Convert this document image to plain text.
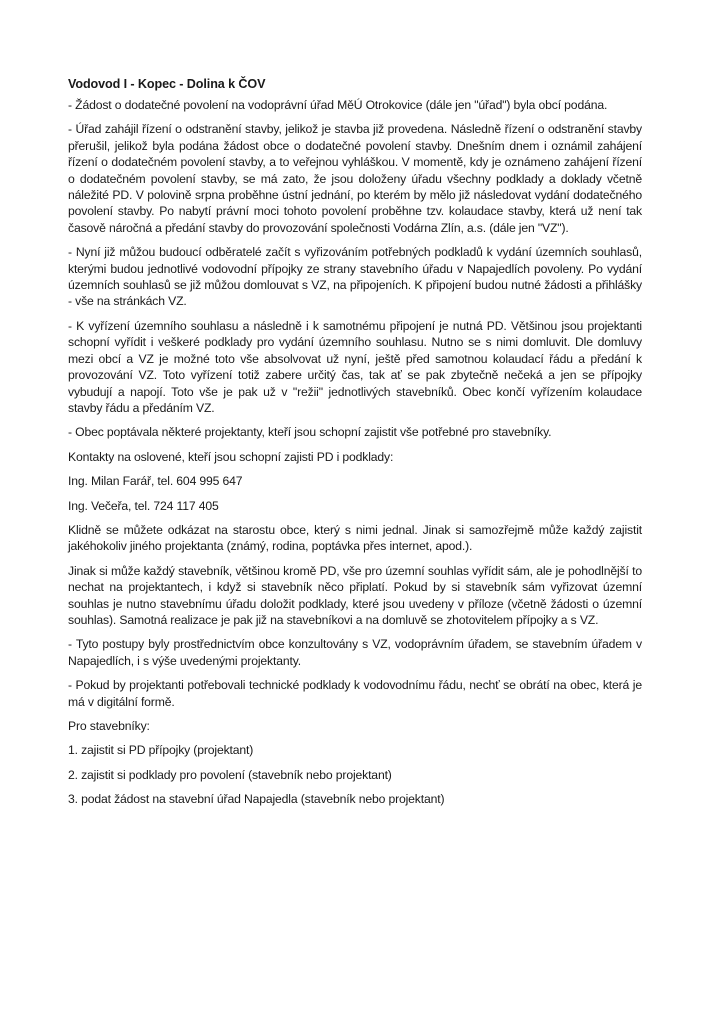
Vodovod I - Kopec - Dolina k ČOV

- Žádost o dodatečné povolení na vodoprávní úřad MěÚ Otrokovice (dále jen "úřad") byla obcí podána.

- Úřad zahájil řízení o odstranění stavby, jelikož je stavba již provedena. Následně řízení o odstranění stavby přerušil, jelikož byla podána žádost obce o dodatečné povolení stavby. Dnešním dnem i oznámil zahájení řízení o dodatečném povolení stavby, a to veřejnou vyhláškou. V momentě, kdy je oznámeno zahájení řízení o dodatečném povolení stavby, se má zato, že jsou doloženy úřadu všechny podklady a doklady včetně náležité PD. V polovině srpna proběhne ústní jednání, po kterém by mělo již následovat vydání dodatečného povolení stavby. Po nabytí právní moci tohoto povolení proběhne tzv. kolaudace stavby, která už není tak časově náročná a předání stavby do provozování společnosti Vodárna Zlín, a.s. (dále jen "VZ").

- Nyní již můžou budoucí odběratelé začít s vyřizováním potřebných podkladů k vydání územních souhlasů, kterými budou jednotlivé vodovodní přípojky ze strany stavebního úřadu v Napajedlích povoleny. Po vydání územních souhlasů se již můžou domlouvat s VZ, na připojeních. K připojení budou nutné žádosti a přihlášky - vše na stránkách VZ.

- K vyřízení územního souhlasu a následně i k samotnému připojení je nutná PD. Většinou jsou projektanti schopní vyřídit i veškeré podklady pro vydání územního souhlasu. Nutno se s nimi domluvit. Dle domluvy mezi obcí a VZ je možné toto vše absolvovat už nyní, ještě před samotnou kolaudací řádu a předání k provozování VZ. Toto vyřízení totiž zabere určitý čas, tak ať se pak zbytečně nečeká a jen se přípojky vybudují a napojí. Toto vše je pak už v "režii" jednotlivých stavebníků. Obec končí vyřízením kolaudace stavby řádu a předáním VZ.

- Obec poptávala některé projektanty, kteří jsou schopní zajistit vše potřebné pro stavebníky.

Kontakty na oslovené, kteří jsou schopní zajisti PD i podklady:

Ing. Milan Farář, tel. 604 995 647

Ing. Večeřa, tel. 724 117 405

Klidně se můžete odkázat na starostu obce, který s nimi jednal. Jinak si samozřejmě může každý zajistit jakéhokoliv jiného projektanta (známý, rodina, poptávka přes internet, apod.).

Jinak si může každý stavebník, většinou kromě PD, vše pro územní souhlas vyřídit sám, ale je pohodlnější to nechat na projektantech, i když si stavebník něco připlatí. Pokud by si stavebník sám vyřizovat územní souhlas je nutno stavebnímu úřadu doložit podklady, které jsou uvedeny v příloze (včetně žádosti o územní souhlas). Samotná realizace je pak již na stavebníkovi a na domluvě se zhotovitelem přípojky a s VZ.

- Tyto postupy byly prostřednictvím obce konzultovány s VZ, vodoprávním úřadem, se stavebním úřadem v Napajedlích, i s výše uvedenými projektanty.

- Pokud by projektanti potřebovali technické podklady k vodovodnímu řádu, nechť se obrátí na obec, která je má v digitální formě.

Pro stavebníky:

1. zajistit si PD přípojky (projektant)

2. zajistit si podklady pro povolení (stavebník nebo projektant)

3. podat žádost na stavební úřad Napajedla (stavebník nebo projektant)
